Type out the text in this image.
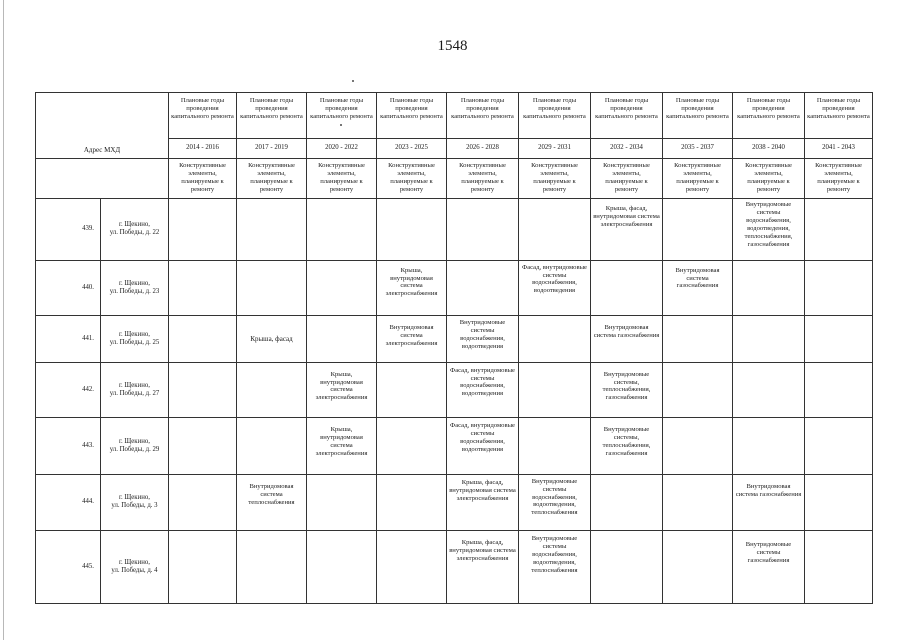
1548
Адрес МХД		Плановые годы проведения капитального ремонта	Плановые годы проведения капитального ремонта	Плановые годы проведения капитального ремонта	Плановые годы проведения капитального ремонта	Плановые годы проведения капитального ремонта	Плановые годы проведения капитального ремонта	Плановые годы проведения капитального ремонта	Плановые годы проведения капитального ремонта	Плановые годы проведения капитального ремонта	Плановые годы проведения капитального ремонта
		2014 - 2016	2017 - 2019	2020 - 2022	2023 - 2025	2026 - 2028	2029 - 2031	2032 - 2034	2035 - 2037	2038 - 2040	2041 - 2043
		Конструктивные элементы, планируемые к ремонту	Конструктивные элементы, планируемые к ремонту	Конструктивные элементы, планируемые к ремонту	Конструктивные элементы, планируемые к ремонту	Конструктивные элементы, планируемые к ремонту	Конструктивные элементы, планируемые к ремонту	Конструктивные элементы, планируемые к ремонту	Конструктивные элементы, планируемые к ремонту	Конструктивные элементы, планируемые к ремонту	Конструктивные элементы, планируемые к ремонту
439.	г. Щекино,
ул. Победы, д. 22							Крыша, фасад, внутридомовая система электроснабжения		Внутридомовые системы водоснабжения, водоотведения, теплоснабжения, газоснабжения	
440.	г. Щекино,
ул. Победы, д. 23				Крыша, внутридомовая система электроснабжения		Фасад, внутридомовые системы водоснабжения, водоотведения		Внутридомовая система газоснабжения		
441.	г. Щекино,
ул. Победы, д. 25		Крыша, фасад		Внутридомовая система электроснабжения	Внутридомовые системы водоснабжения, водоотведения		Внутридомовая система газоснабжения			
442.	г. Щекино,
ул. Победы, д. 27			Крыша, внутридомовая система электроснабжения		Фасад, внутридомовые системы водоснабжения, водоотведения		Внутридомовые системы, теплоснабжения, газоснабжения			
443.	г. Щекино,
ул. Победы, д. 29			Крыша, внутридомовая система электроснабжения		Фасад, внутридомовые системы водоснабжения, водоотведения		Внутридомовые системы, теплоснабжения, газоснабжения			
444.	г. Щекино,
ул. Победы, д. 3		Внутридомовая система теплоснабжения			Крыша, фасад, внутридомовая система электроснабжения	Внутридомовые системы водоснабжения, водоотведения, теплоснабжения			Внутридомовая система газоснабжения	
445.	г. Щекино,
ул. Победы, д. 4					Крыша, фасад, внутридомовая система электроснабжения	Внутридомовые системы водоснабжения, водоотведения, теплоснабжения			Внутридомовые системы газоснабжения	
